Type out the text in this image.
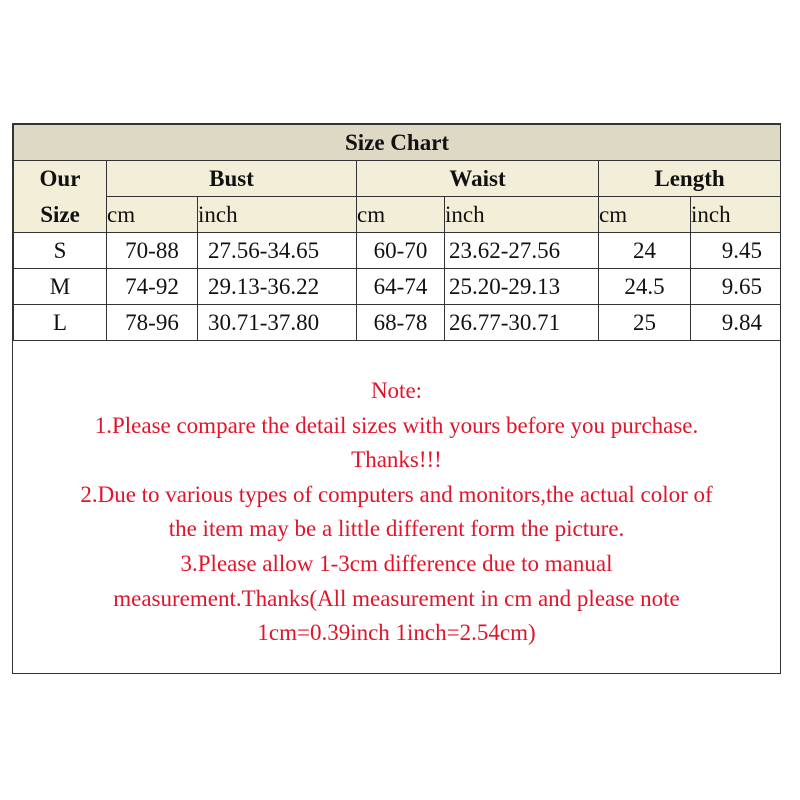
Size Chart						
Our
Size	Bust		Waist		Length	
	cm	inch	cm	inch	cm	inch
S	70-88	27.56-34.65	60-70	23.62-27.56	24	9.45
M	74-92	29.13-36.22	64-74	25.20-29.13	24.5	9.65
L	78-96	30.71-37.80	68-78	26.77-30.71	25	9.84
Note:
1.Please compare the detail sizes with yours before you purchase.
Thanks!!!
2.Due to various types of computers and monitors,the actual color of
the item may be a little different form the picture.
3.Please allow 1-3cm difference due to manual
measurement.Thanks(All measurement in cm and please note
1cm=0.39inch 1inch=2.54cm)
